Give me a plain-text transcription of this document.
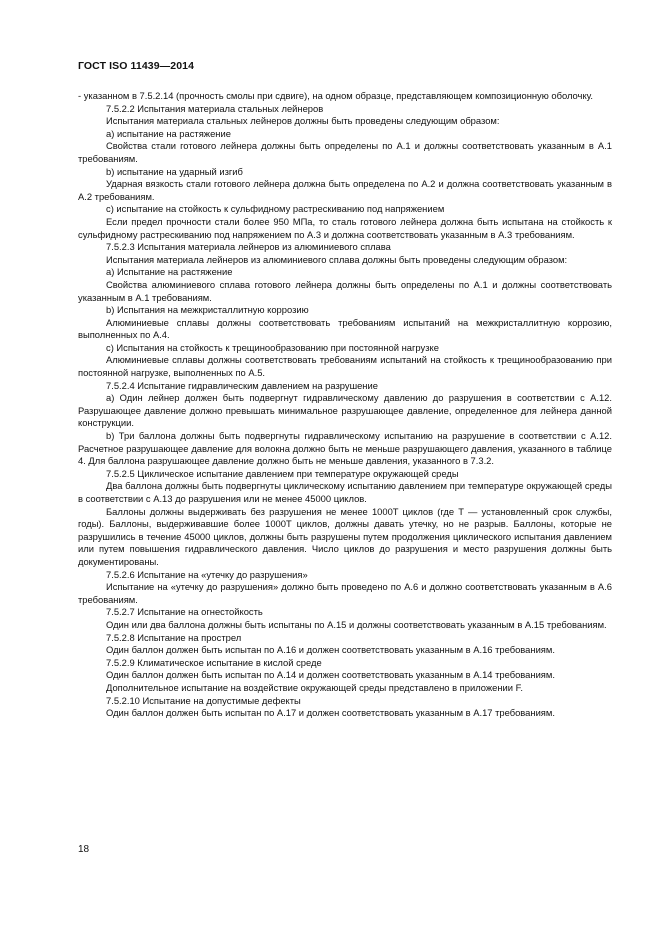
ГОСТ ISO 11439—2014

- указанном в 7.5.2.14 (прочность смолы при сдвиге), на одном образце, представляющем композиционную оболочку.

7.5.2.2 Испытания материала стальных лейнеров

Испытания материала стальных лейнеров должны быть проведены следующим образом:

a) испытание на растяжение

Свойства стали готового лейнера должны быть определены по А.1 и должны соответствовать указанным в А.1 требованиям.

b) испытание на ударный изгиб

Ударная вязкость стали готового лейнера должна быть определена по А.2 и должна соответствовать указанным в А.2 требованиям.

c) испытание на стойкость к сульфидному растрескиванию под напряжением

Если предел прочности стали более 950 МПа, то сталь готового лейнера должна быть испытана на стойкость к сульфидному растрескиванию под напряжением по А.3 и должна соответствовать указанным в А.3 требованиям.

7.5.2.3 Испытания материала лейнеров из алюминиевого сплава

Испытания материала лейнеров из алюминиевого сплава должны быть проведены следующим образом:

a) Испытание на растяжение

Свойства алюминиевого сплава готового лейнера должны быть определены по А.1 и должны соответствовать указанным в А.1 требованиям.

b) Испытания на межкристаллитную коррозию

Алюминиевые сплавы должны соответствовать требованиям испытаний на межкристаллитную коррозию, выполненных по А.4.

c) Испытания на стойкость к трещинообразованию при постоянной нагрузке

Алюминиевые сплавы должны соответствовать требованиям испытаний на стойкость к трещинообразованию при постоянной нагрузке, выполненных по А.5.

7.5.2.4 Испытание гидравлическим давлением на разрушение

a) Один лейнер должен быть подвергнут гидравлическому давлению до разрушения в соответствии с А.12. Разрушающее давление должно превышать минимальное разрушающее давление, определенное для лейнера данной конструкции.

b) Три баллона должны быть подвергнуты гидравлическому испытанию на разрушение в соответствии с А.12. Расчетное разрушающее давление для волокна должно быть не меньше разрушающего давления, указанного в таблице 4. Для баллона разрушающее давление должно быть не меньше давления, указанного в 7.3.2.

7.5.2.5 Циклическое испытание давлением при температуре окружающей среды

Два баллона должны быть подвергнуты циклическому испытанию давлением при температуре окружающей среды в соответствии с А.13 до разрушения или не менее 45000 циклов.

Баллоны должны выдерживать без разрушения не менее 1000T циклов (где T — установленный срок службы, годы). Баллоны, выдерживавшие более 1000T циклов, должны давать утечку, но не разрыв. Баллоны, которые не разрушились в течение 45000 циклов, должны быть разрушены путем продолжения циклического испытания давлением или путем повышения гидравлического давления. Число циклов до разрушения и место разрушения должны быть документированы.

7.5.2.6 Испытание на «утечку до разрушения»

Испытание на «утечку до разрушения» должно быть проведено по А.6 и должно соответствовать указанным в А.6 требованиям.

7.5.2.7 Испытание на огнестойкость

Один или два баллона должны быть испытаны по А.15 и должны соответствовать указанным в А.15 требованиям.

7.5.2.8 Испытание на прострел

Один баллон должен быть испытан по А.16 и должен соответствовать указанным в А.16 требованиям.

7.5.2.9 Климатическое испытание в кислой среде

Один баллон должен быть испытан по А.14 и должен соответствовать указанным в А.14 требованиям.

Дополнительное испытание на воздействие окружающей среды представлено в приложении F.

7.5.2.10 Испытание на допустимые дефекты

Один баллон должен быть испытан по А.17 и должен соответствовать указанным в А.17 требованиям.

18
